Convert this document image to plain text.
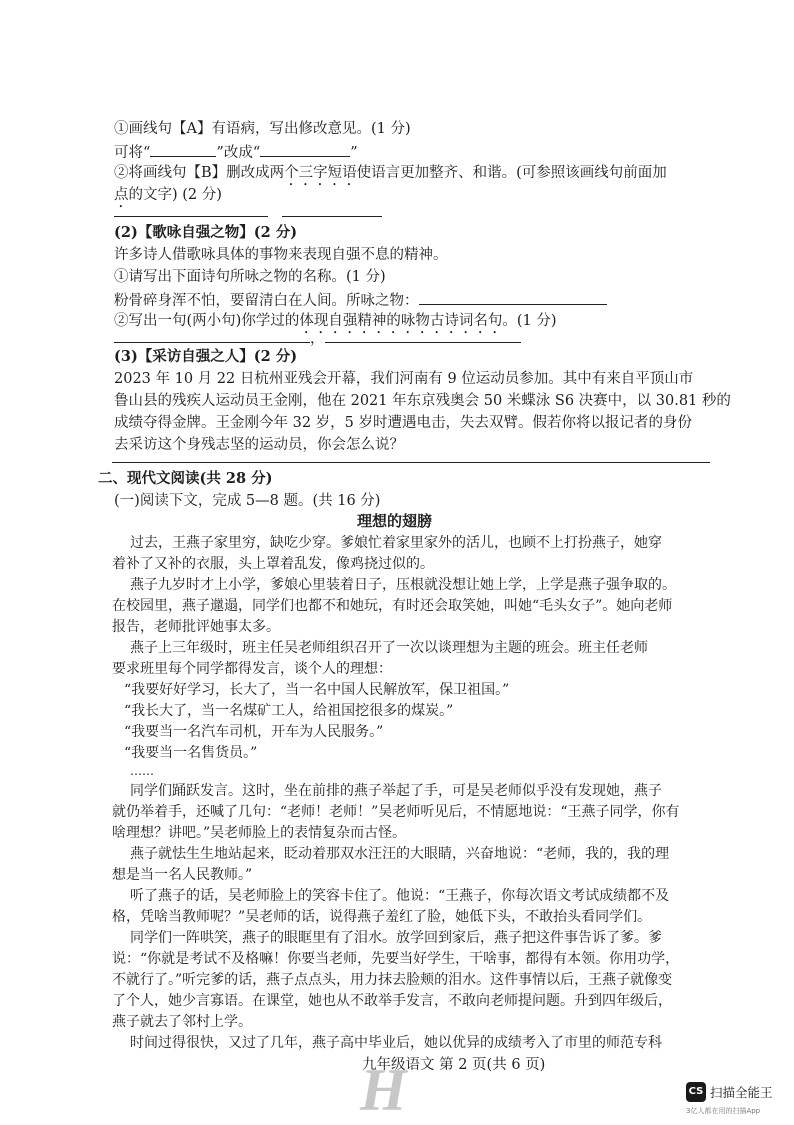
①画线句【A】有语病，写出修改意见。(1 分)
可将“	”改成“	”
②将画线句【B】删改成两个三字短语使语言更加整齐、和谐。(可参照该画线句前面加
点的文字) (2 分)
(2)【歌咏自强之物】(2 分)
许多诗人借歌咏具体的事物来表现自强不息的精神。
①请写出下面诗句所咏之物的名称。(1 分)
粉骨碎身浑不怕，要留清白在人间。所咏之物：
②写出一句(两小句)你学过的体现自强精神的咏物古诗词名句。(1 分)
，
(3)【采访自强之人】(2 分)
2023 年 10 月 22 日杭州亚残会开幕，我们河南有 9 位运动员参加。其中有来自平顶山市
鲁山县的残疾人运动员王金刚，他在 2021 年东京残奥会 50 米蝶泳 S6 决赛中，以 30.81 秒的
成绩夺得金牌。王金刚今年 32 岁，5 岁时遭遇电击，失去双臂。假若你将以报记者的身份
去采访这个身残志坚的运动员，你会怎么说？
二、现代文阅读(共 28 分)
(一)阅读下文，完成 5—8 题。(共 16 分)
理想的翅膀
过去，王燕子家里穷，缺吃少穿。爹娘忙着家里家外的活儿，也顾不上打扮燕子，她穿
着补了又补的衣服，头上罩着乱发，像鸡挠过似的。
燕子九岁时才上小学，爹娘心里装着日子，压根就没想让她上学，上学是燕子强争取的。
在校园里，燕子邋遢，同学们也都不和她玩，有时还会取笑她，叫她“毛头女子”。她向老师
报告，老师批评她事太多。
燕子上三年级时，班主任吴老师组织召开了一次以谈理想为主题的班会。班主任老师
要求班里每个同学都得发言，谈个人的理想：
“我要好好学习，长大了，当一名中国人民解放军，保卫祖国。”
“我长大了，当一名煤矿工人，给祖国挖很多的煤炭。”
“我要当一名汽车司机，开车为人民服务。”
“我要当一名售货员。”
……
同学们踊跃发言。这时，坐在前排的燕子举起了手，可是吴老师似乎没有发现她，燕子
就仍举着手，还喊了几句：“老师！老师！”吴老师听见后，不情愿地说：“王燕子同学，你有
啥理想？讲吧。”吴老师脸上的表情复杂而古怪。
燕子就怯生生地站起来，眨动着那双水汪汪的大眼睛，兴奋地说：“老师，我的，我的理
想是当一名人民教师。”
听了燕子的话，吴老师脸上的笑容卡住了。他说：“王燕子，你每次语文考试成绩都不及
格，凭啥当教师呢？”吴老师的话，说得燕子羞红了脸，她低下头，不敢抬头看同学们。
同学们一阵哄笑，燕子的眼眶里有了泪水。放学回到家后，燕子把这件事告诉了爹。爹
说：“你就是考试不及格嘛！你要当老师，先要当好学生，干啥事，都得有本领。你用功学，
不就行了。”听完爹的话，燕子点点头，用力抹去脸颊的泪水。这件事情以后，王燕子就像变
了个人，她少言寡语。在课堂，她也从不敢举手发言，不敢向老师提问题。升到四年级后，
燕子就去了邻村上学。
时间过得很快，又过了几年，燕子高中毕业后，她以优异的成绩考入了市里的师范专科
九年级语文 第 2 页(共 6 页)
H	CS 扫描全能王
3亿人都在用的扫描App
